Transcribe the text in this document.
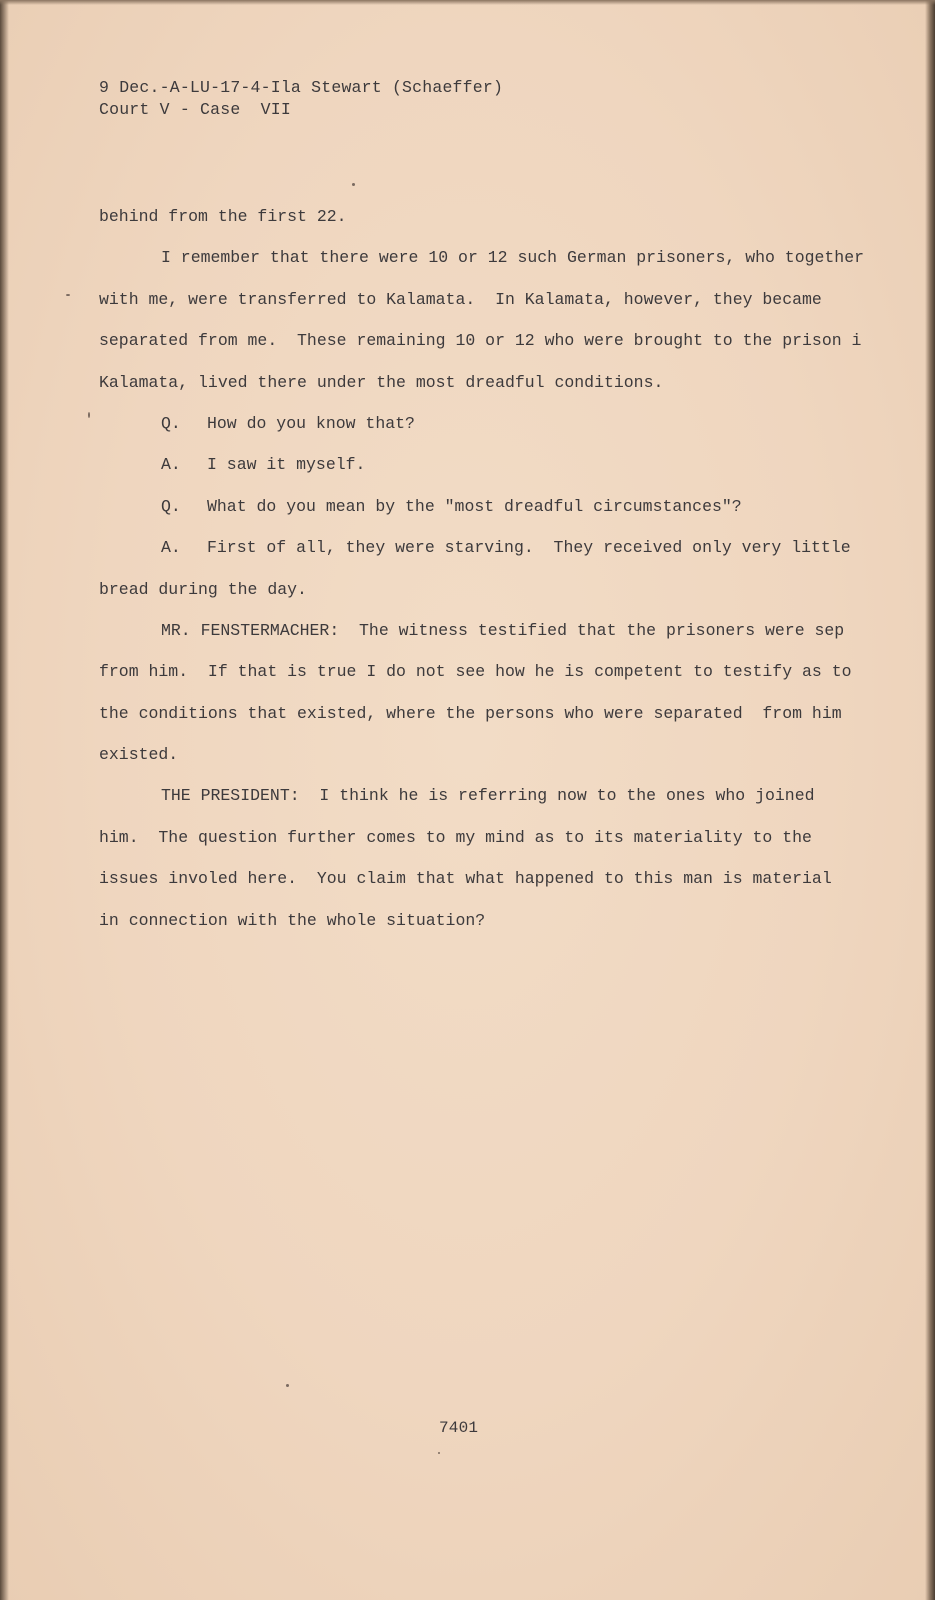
9 Dec.-A-LU-17-4-Ila Stewart (Schaeffer)

Court V - Case  VII

behind from the first 22.
I remember that there were 10 or 12 such German prisoners, who together
with me, were transferred to Kalamata.  In Kalamata, however, they became
separated from me.  These remaining 10 or 12 who were brought to the prison i
Kalamata, lived there under the most dreadful conditions.
Q. How do you know that?
A. I saw it myself.
Q. What do you mean by the "most dreadful circumstances"?
A. First of all, they were starving.  They received only very little
bread during the day.
MR. FENSTERMACHER:  The witness testified that the prisoners were sep
from him.  If that is true I do not see how he is competent to testify as to
the conditions that existed, where the persons who were separated  from him
existed.
THE PRESIDENT:  I think he is referring now to the ones who joined
him.  The question further comes to my mind as to its materiality to the
issues involed here.  You claim that what happened to this man is material
in connection with the whole situation?

7401
